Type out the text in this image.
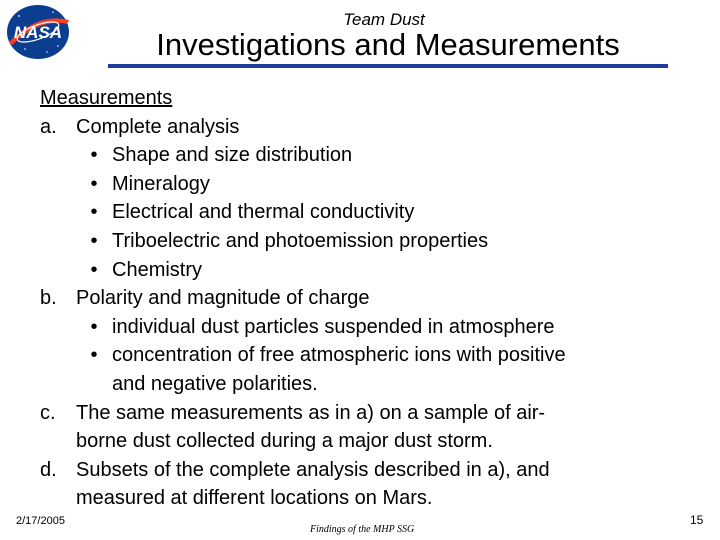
NASA
Team Dust
Investigations and Measurements
Measurements
a. Complete analysis
• Shape and size distribution
• Mineralogy
• Electrical and thermal conductivity
• Triboelectric and photoemission properties
• Chemistry
b. Polarity and magnitude of charge
• individual dust particles suspended in atmosphere
• concentration of free atmospheric ions with positive
and negative polarities.
c. The same measurements as in a) on a sample of air-
borne dust collected during a major dust storm.
d. Subsets of the complete analysis described in a), and
measured at different locations on Mars.
2/17/2005
Findings of the MHP SSG
15
